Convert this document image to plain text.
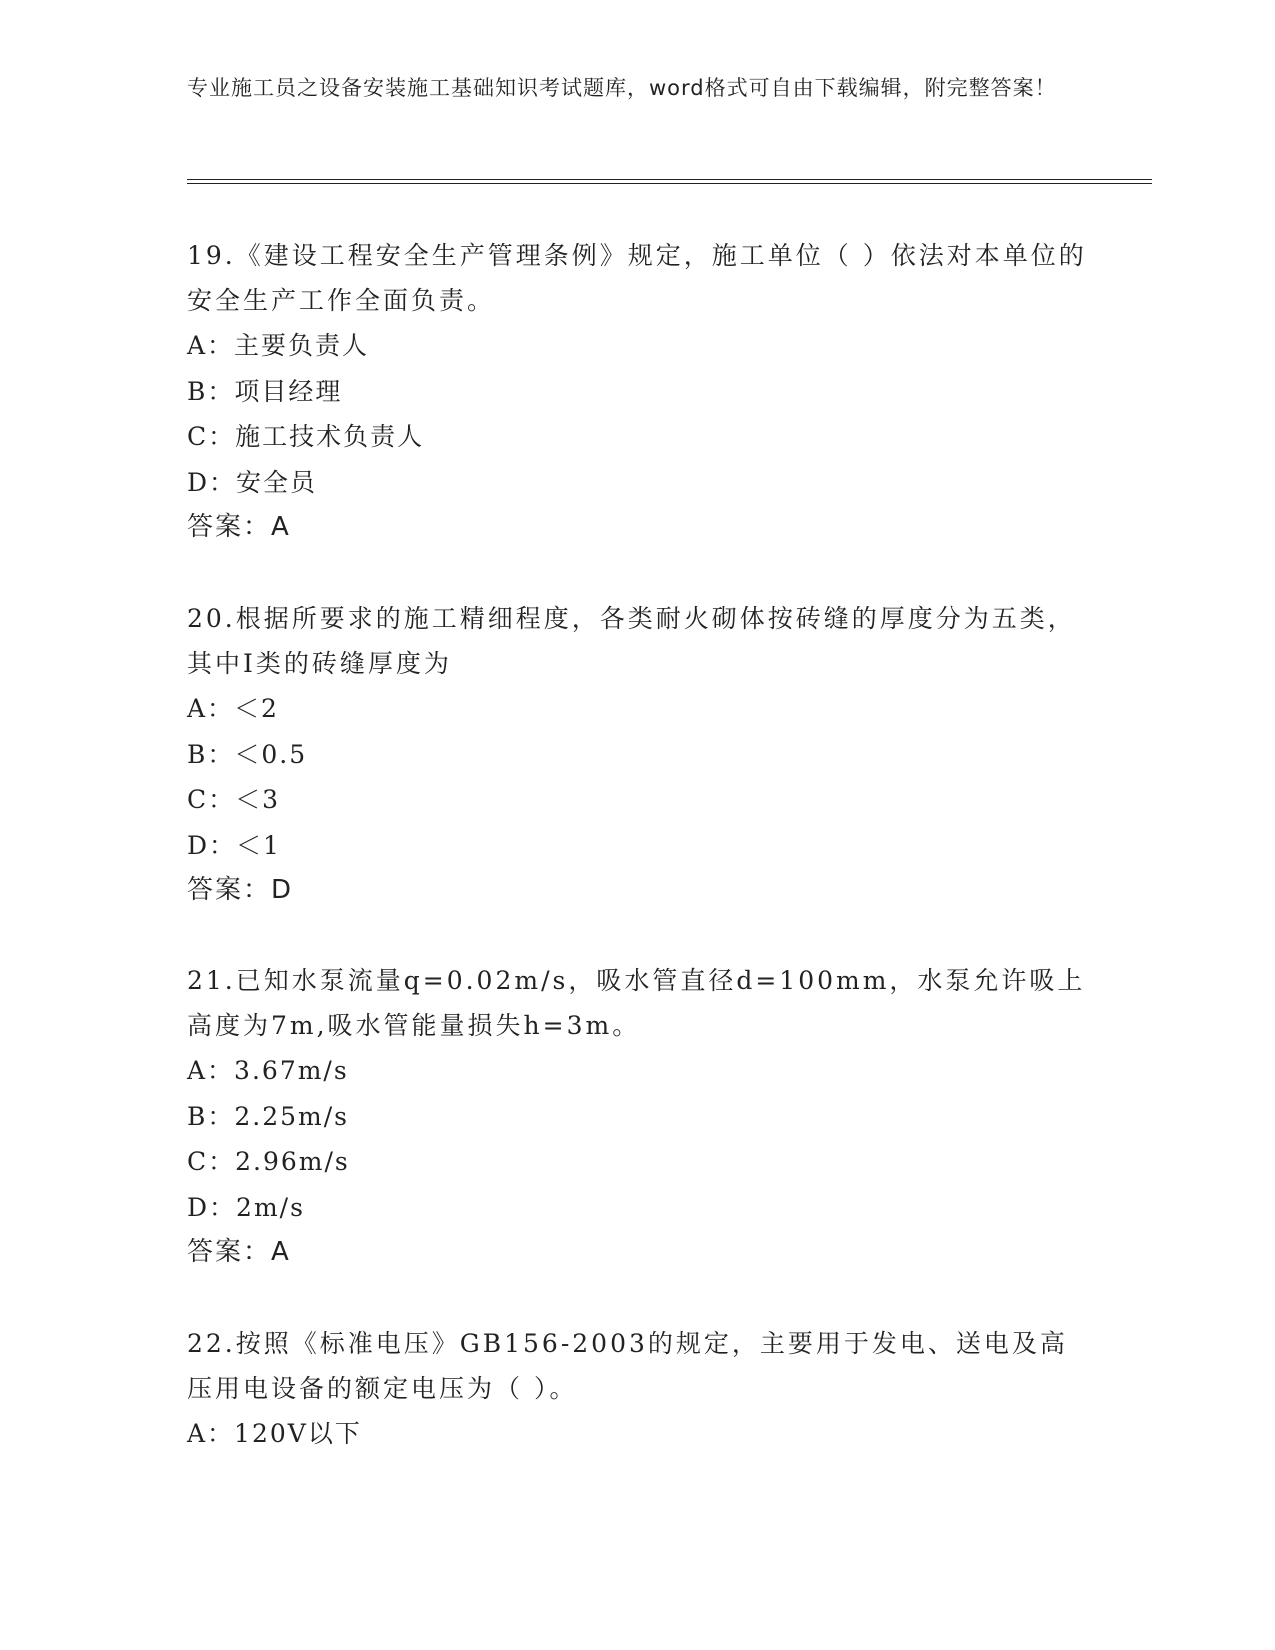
专业施工员之设备安装施工基础知识考试题库，word格式可自由下载编辑，附完整答案！

19.《建设工程安全生产管理条例》规定，施工单位（ ）依法对本单位的安全生产工作全面负责。

A：主要负责人

B：项目经理

C：施工技术负责人

D：安全员

答案：A

20.根据所要求的施工精细程度，各类耐火砌体按砖缝的厚度分为五类，其中Ⅰ类的砖缝厚度为

A：＜2

B：＜0.5

C：＜3

D：＜1

答案：D

21.已知水泵流量q=0.02m/s，吸水管直径d=100mm，水泵允许吸上高度为7m,吸水管能量损失h=3m。

A：3.67m/s

B：2.25m/s

C：2.96m/s

D：2m/s

答案：A

22.按照《标准电压》GB156-2003的规定，主要用于发电、送电及高压用电设备的额定电压为（ ）。

A：120V以下
